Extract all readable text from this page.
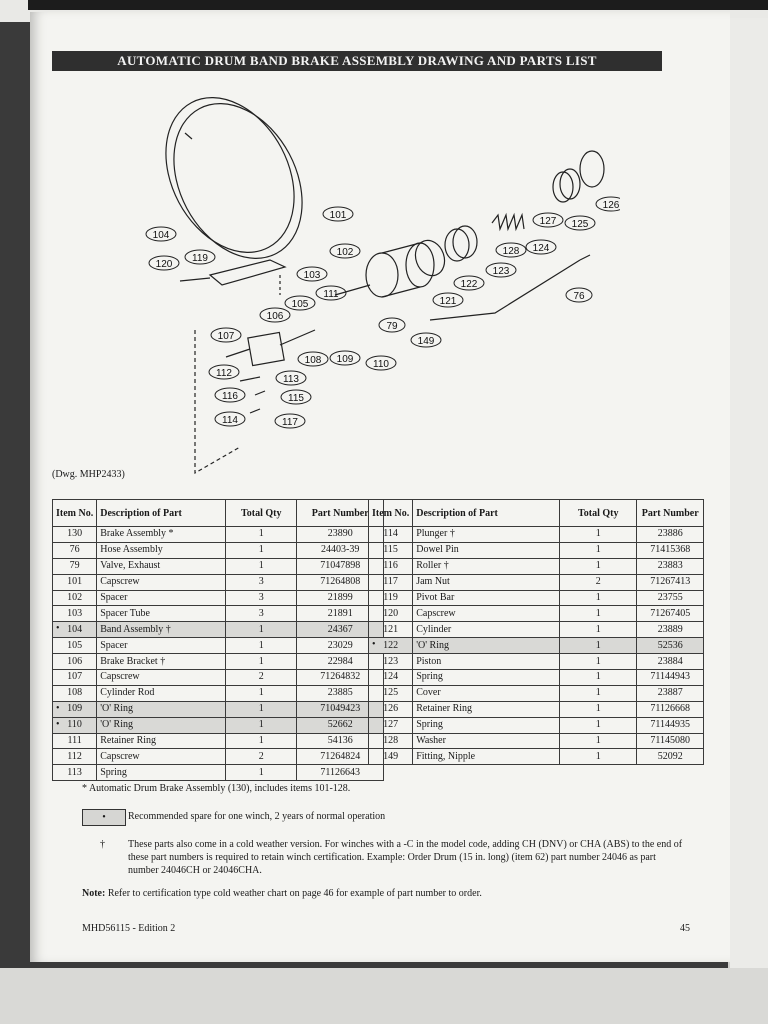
AUTOMATIC DRUM BAND BRAKE ASSEMBLY DRAWING AND PARTS LIST
101
102
103
104
105
106
107
108 109 110
111
112
113
114
115
116
117
119
120
121
122
123
124
125
126
127
128
149
79
76
(Dwg. MHP2433)
Item No.	Description of Part	Total Qty	Part Number
130	Brake Assembly *	1	23890
76	Hose Assembly	1	24403-39
79	Valve, Exhaust	1	71047898
101	Capscrew	3	71264808
102	Spacer	3	21899
103	Spacer Tube	3	21891

• 104	Band Assembly †	1	24367
105	Spacer	1	23029
106	Brake Bracket †	1	22984
107	Capscrew	2	71264832
108	Cylinder Rod	1	23885

• 109	'O' Ring	1	71049423

• 110	'O' Ring	1	52662
111	Retainer Ring	1	54136
112	Capscrew	2	71264824
113	Spring	1	71126643
Item No.	Description of Part	Total Qty	Part Number
114	Plunger †	1	23886
115	Dowel Pin	1	71415368
116	Roller †	1	23883
117	Jam Nut	2	71267413
119	Pivot Bar	1	23755
120	Capscrew	1	71267405
121	Cylinder	1	23889

• 122	'O' Ring	1	52536
123	Piston	1	23884
124	Spring	1	71144943
125	Cover	1	23887
126	Retainer Ring	1	71126668
127	Spring	1	71144935
128	Washer	1	71145080
149	Fitting, Nipple	1	52092
* Automatic Drum Brake Assembly (130), includes items 101-128.
•	Recommended spare for one winch, 2 years of normal operation
† These parts also come in a cold weather version. For winches with a -C in the model code, adding CH (DNV) or CHA (ABS) to the end of these part numbers is required to retain winch certification. Example: Order Drum (15 in. long) (item 62) part number 24046 as part number 24046CH or 24046CHA.
Note: Refer to certification type cold weather chart on page 46 for example of part number to order.
MHD56115 - Edition 2	45
